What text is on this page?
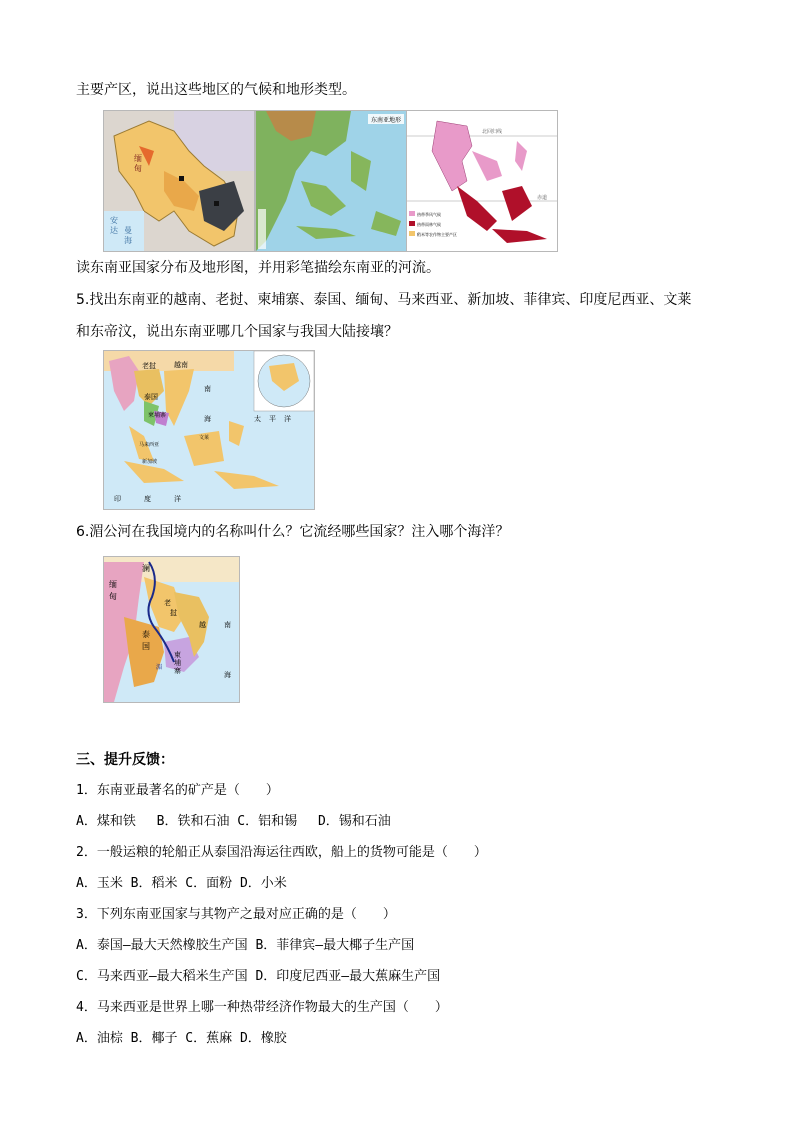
主要产区，说出这些地区的气候和地形类型。
安
达 曼
海
缅
甸
东南亚地形
北回归线
赤道
热带季风气候
热带雨林气候
稻米等农作物主要产区
读东南亚国家分布及地形图，并用彩笔描绘东南亚的河流。
5.找出东南亚的越南、老挝、柬埔寨、泰国、缅甸、马来西亚、新加坡、菲律宾、印度尼西亚、文莱
和东帝汶，说出东南亚哪几个国家与我国大陆接壤？
越南
老挝
泰国
柬埔寨
南
海	太 平 洋
印	度	洋
马来西亚
新加坡
文莱
6.湄公河在我国境内的名称叫什么？它流经哪些国家？注入哪个海洋？
澜
缅
甸
老
挝
泰
国
柬
埔
寨
南
海
越
湄
三、提升反馈：
1．东南亚最著名的矿产是（　　）
A．煤和铁　 B．铁和石油 C．铝和锡　 D．锡和石油
2．一般运粮的轮船正从泰国沿海运往西欧，船上的货物可能是（　　）
A．玉米 B．稻米 C．面粉 D．小米
3．下列东南亚国家与其物产之最对应正确的是（　　）
A．泰国—最大天然橡胶生产国 B．菲律宾—最大椰子生产国
C．马来西亚—最大稻米生产国 D．印度尼西亚—最大蕉麻生产国
4．马来西亚是世界上哪一种热带经济作物最大的生产国（　　）
A．油棕 B．椰子 C．蕉麻 D．橡胶
